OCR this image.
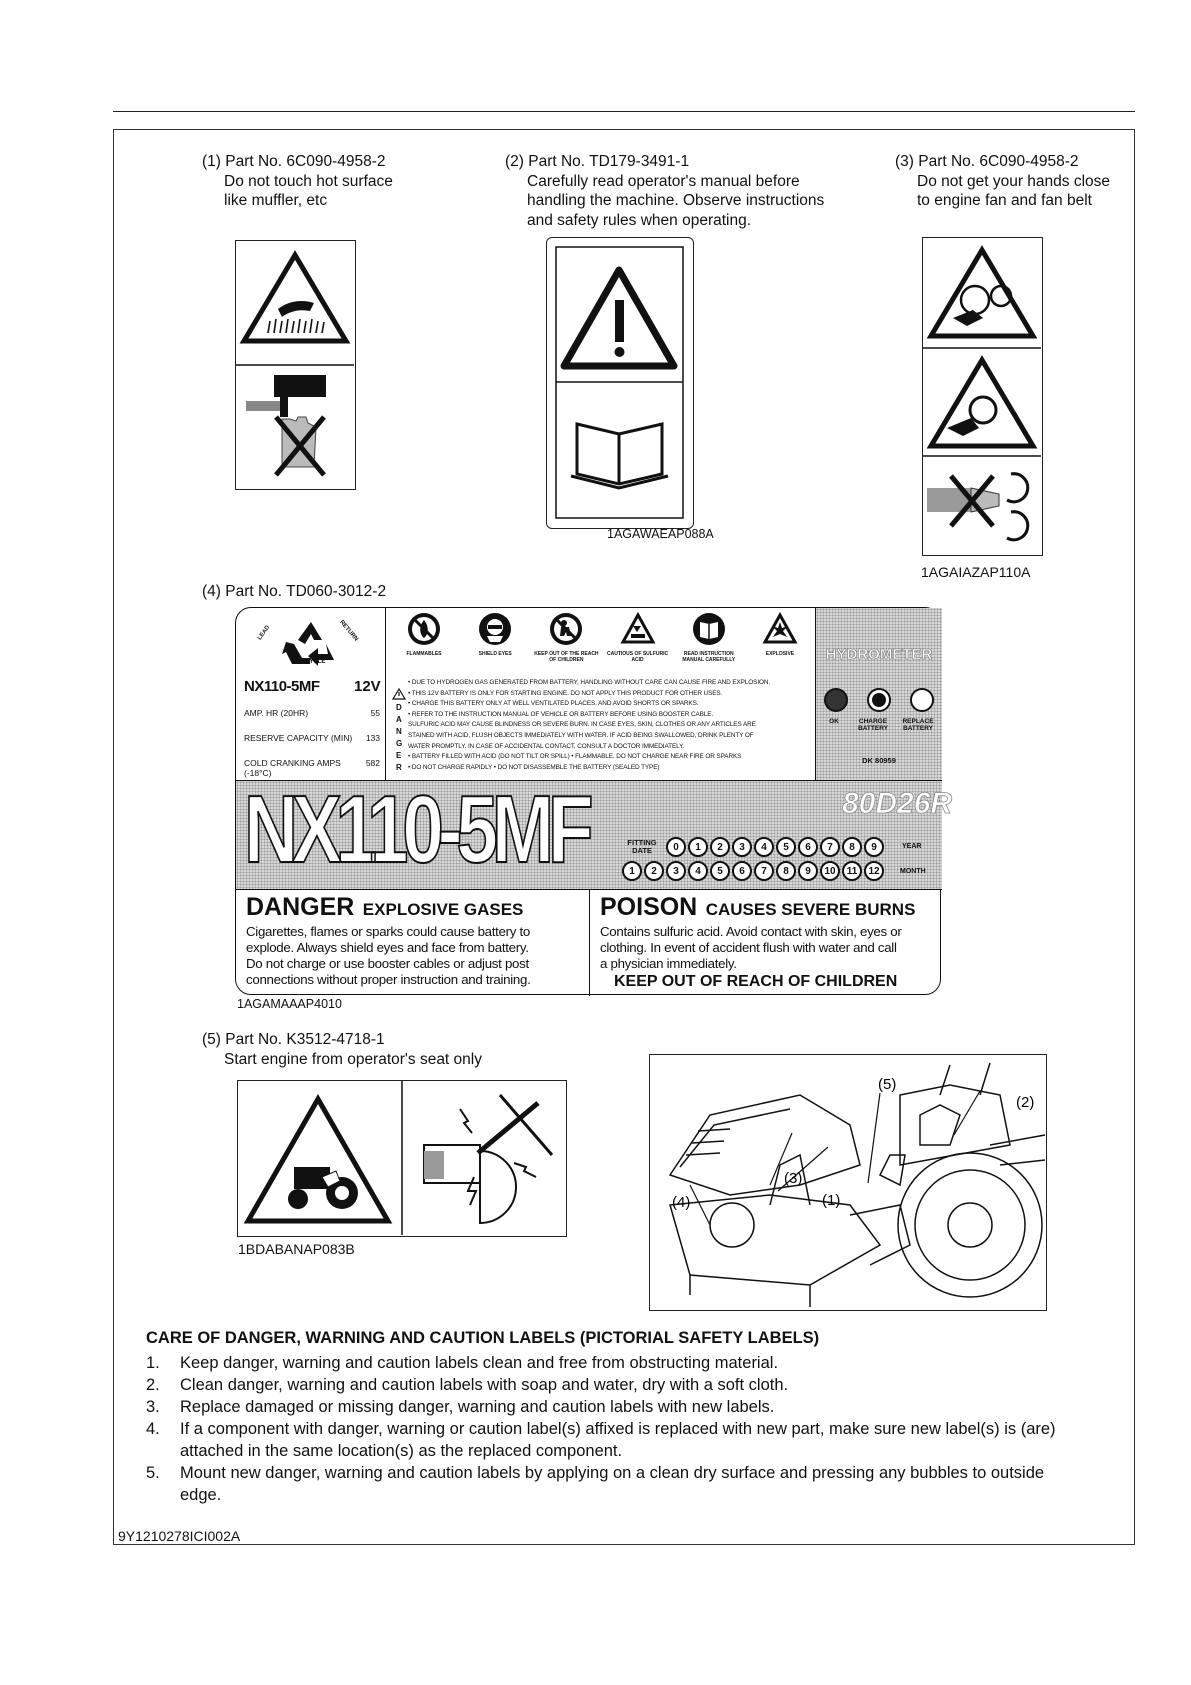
(1) Part No. 6C090-4958-2
Do not touch hot surface
like muffler, etc
(2) Part No. TD179-3491-1
Carefully read operator's manual before
handling the machine. Observe instructions
and safety rules when operating.
(3) Part No. 6C090-4958-2
Do not get your hands close
to engine fan and fan belt
1AGAWAEAP088A
1AGAIAZAP110A
(4) Part No. TD060-3012-2
LEAD	RETURN
RECYCLE
NX110-5MF 12V
AMP. HR (20HR)	55
RESERVE CAPACITY (MIN) 133
COLD CRANKING AMPS (-18°C)
582
FLAMMABLES	SHIELD EYES	KEEP OUT OF THE REACH OF CHILDREN
CAUTIOUS OF SULFURIC ACID
READ INSTRUCTION MANUAL CAREFULLY
EXPLOSIVE
D A N G E R
• DUE TO HYDROGEN GAS GENERATED FROM BATTERY, HANDLING WITHOUT CARE CAN CAUSE FIRE AND EXPLOSION.
• THIS 12V BATTERY IS ONLY FOR STARTING ENGINE. DO NOT APPLY THIS PRODUCT FOR OTHER USES.
• CHARGE THIS BATTERY ONLY AT WELL VENTILATED PLACES. AND AVOID SHORTS OR SPARKS.
• REFER TO THE INSTRUCTION MANUAL OF VEHICLE OR BATTERY BEFORE USING BOOSTER CABLE.
SULFURIC ACID MAY CAUSE BLINDNESS OR SEVERE BURN. IN CASE EYES, SKIN, CLOTHES OR ANY ARTICLES ARE
STAINED WITH ACID, FLUSH OBJECTS IMMEDIATELY WITH WATER. IF ACID BEING SWALLOWED, DRINK PLENTY OF
WATER PROMPTLY. IN CASE OF ACCIDENTAL CONTACT, CONSULT A DOCTOR IMMEDIATELY.
• BATTERY FILLED WITH ACID (DO NOT TILT OR SPILL) • FLAMMABLE. DO NOT CHARGE NEAR FIRE OR SPARKS
• DO NOT CHARGE RAPIDLY • DO NOT DISASSEMBLE THE BATTERY (SEALED TYPE)
HYDROMETER
OK	CHARGE BATTERY
REPLACE BATTERY
DK 80959
NX110-5MF	80D26R
FITTING DATE	0	1	2	3	4	5	6	7	8	9	YEAR
1	2	3	4	5	6	7	8	9	10	11	12	MONTH
DANGER EXPLOSIVE GASES
Cigarettes, flames or sparks could cause battery to
explode. Always shield eyes and face from battery.
Do not charge or use booster cables or adjust post
connections without proper instruction and training.
POISON CAUSES SEVERE BURNS
Contains sulfuric acid. Avoid contact with skin, eyes or
clothing. In event of accident flush with water and call
a physician immediately.
KEEP OUT OF REACH OF CHILDREN
1AGAMAAAP4010
(5) Part No. K3512-4718-1
Start engine from operator's seat only
1BDABANAP083B
(5)
(2)
(3)
(1)
(4)
CARE OF DANGER, WARNING AND CAUTION LABELS (PICTORIAL SAFETY LABELS)
1.	Keep danger, warning and caution labels clean and free from obstructing material.
2.	Clean danger, warning and caution labels with soap and water, dry with a soft cloth.
3.	Replace damaged or missing danger, warning and caution labels with new labels.
4.	If a component with danger, warning or caution label(s) affixed is replaced with new part, make sure new label(s) is (are) attached in the same location(s) as the replaced component.
5.	Mount new danger, warning and caution labels by applying on a clean dry surface and pressing any bubbles to outside edge.
9Y1210278ICI002A
